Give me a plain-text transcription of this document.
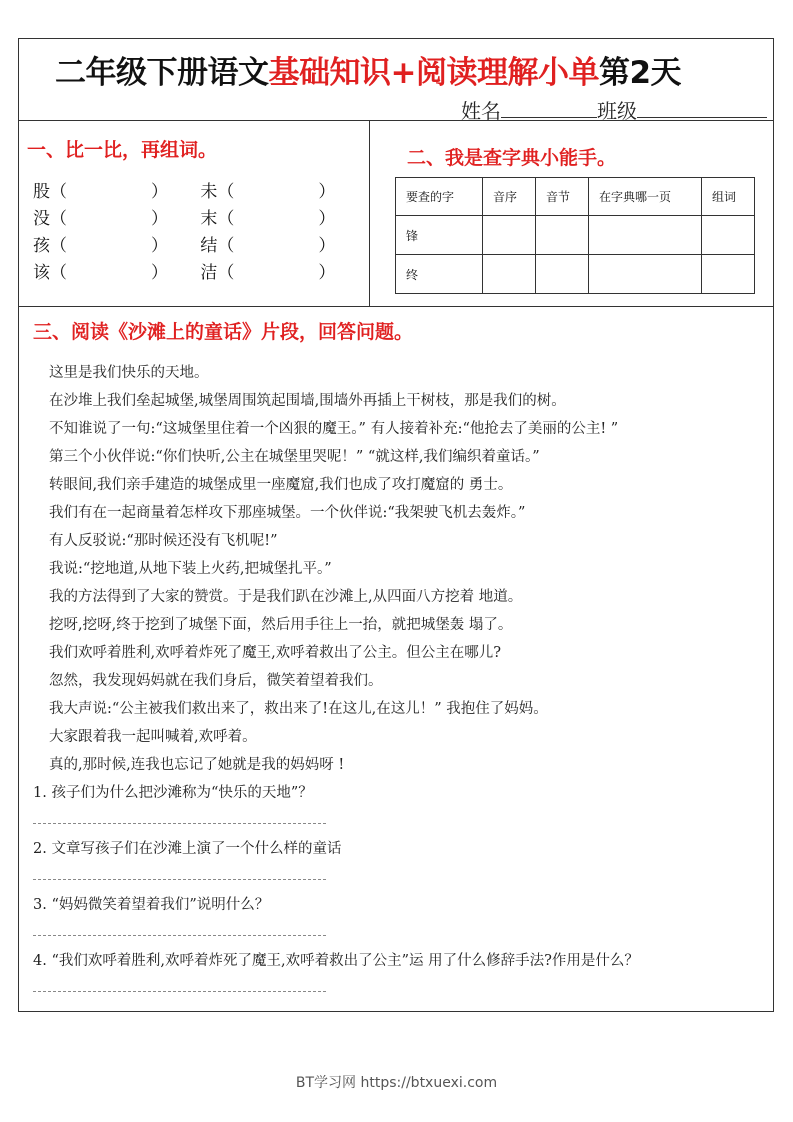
二年级下册语文基础知识+阅读理解小单第2天
姓名	班级
一、比一比，再组词。
股（	） 未（	）
没（	） 末（	）
孩（	） 结（	）
该（	） 洁（	）
二、我是查字典小能手。
要查的字	音序	音节	在字典哪一页	组词
锋				
终				
三、阅读《沙滩上的童话》片段，回答问题。
这里是我们快乐的天地。
在沙堆上我们垒起城堡,城堡周围筑起围墙,围墙外再插上干树枝，那是我们的树。
不知谁说了一句:“这城堡里住着一个凶狠的魔王。” 有人接着补充:“他抢去了美丽的公主! ”
第三个小伙伴说:“你们快听,公主在城堡里哭呢！” “就这样,我们编织着童话。”
转眼间,我们亲手建造的城堡成里一座魔窟,我们也成了攻打魔窟的 勇士。
我们有在一起商量着怎样攻下那座城堡。一个伙伴说:“我架驶飞机去轰炸。”
有人反驳说:“那时候还没有飞机呢!”
我说:“挖地道,从地下装上火药,把城堡扎平。”
我的方法得到了大家的赞赏。于是我们趴在沙滩上,从四面八方挖着 地道。
挖呀,挖呀,终于挖到了城堡下面，然后用手往上一抬，就把城堡轰 塌了。
我们欢呼着胜利,欢呼着炸死了魔王,欢呼着救出了公主。但公主在哪儿?
忽然，我发现妈妈就在我们身后，微笑着望着我们。
我大声说:“公主被我们救出来了，救出来了!在这儿,在这儿！” 我抱住了妈妈。
大家跟着我一起叫喊着,欢呼着。
真的,那时候,连我也忘记了她就是我的妈妈呀 !
1. 孩子们为什么把沙滩称为“快乐的天地”？
2. 文章写孩子们在沙滩上演了一个什么样的童话
3. “妈妈微笑着望着我们”说明什么？
4. “我们欢呼着胜利,欢呼着炸死了魔王,欢呼着救出了公主”运 用了什么修辞手法?作用是什么？
BT学习网 https://btxuexi.com
